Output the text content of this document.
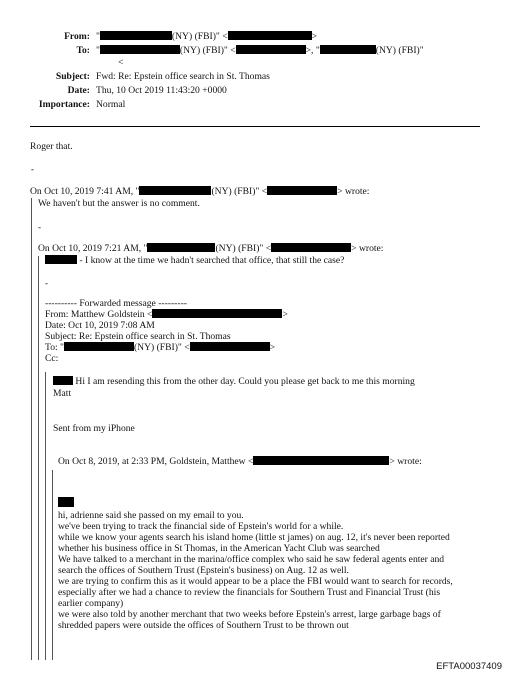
From: "	(NY) (FBI)" <	>
To: "	(NY) (FBI)" <	>, "	(NY) (FBI)"
<
Subject: Fwd: Re: Epstein office search in St. Thomas
Date: Thu, 10 Oct 2019 11:43:20 +0000
Importance: Normal
Roger that.
-
On Oct 10, 2019 7:41 AM, "	(NY) (FBI)" <	> wrote:
We haven't but the answer is no comment.
-
On Oct 10, 2019 7:21 AM, "	(NY) (FBI)" <	> wrote:
- I know at the time we hadn't searched that office, that still the case?
-
---------- Forwarded message ---------
From: Matthew Goldstein <	>
Date: Oct 10, 2019 7:08 AM
Subject: Re: Epstein office search in St. Thomas
To: "	(NY) (FBI)" <	>
Cc:
Hi I am resending this from the other day. Could you please get back to me this morning
Matt
Sent from my iPhone
On Oct 8, 2019, at 2:33 PM, Goldstein, Matthew <	> wrote:
hi, adrienne said she passed on my email to you.
we've been trying to track the financial side of Epstein's world for a while.
while we know your agents search his island home (little st james) on aug. 12, it's never been reported
whether his business office in St Thomas, in the American Yacht Club was searched
We have talked to a merchant in the marina/office complex who said he saw federal agents enter and
search the offices of Southern Trust (Epstein's business) on Aug. 12 as well.
we are trying to confirm this as it would appear to be a place the FBI would want to search for records,
especially after we had a chance to review the financials for Southern Trust and Financial Trust (his
earlier company)
we were also told by another merchant that two weeks before Epstein's arrest, large garbage bags of
shredded papers were outside the offices of Southern Trust to be thrown out
EFTA00037409
